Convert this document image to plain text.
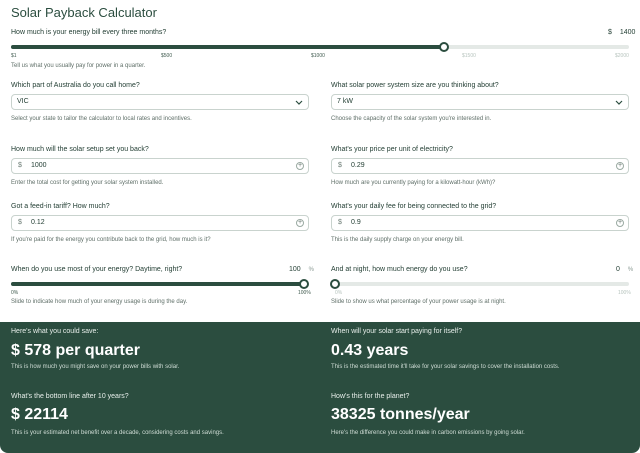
Solar Payback Calculator
How much is your energy bill every three months?	$ 1400
$1	$500	$1000	$1500	$2000
Tell us what you usually pay for power in a quarter.
Which part of Australia do you call home?
VIC
Select your state to tailor the calculator to local rates and incentives.
What solar power system size are you thinking about?
7 kW
Choose the capacity of the solar system you're interested in.
How much will the solar setup set you back?
$ 1000	+
Enter the total cost for getting your solar system installed.
What's your price per unit of electricity?
$ 0.29	+
How much are you currently paying for a kilowatt-hour (kWh)?
Got a feed-in tariff? How much?
$ 0.12	+
If you're paid for the energy you contribute back to the grid, how much is it?
What's your daily fee for being connected to the grid?
$ 0.9	+
This is the daily supply charge on your energy bill.
When do you use most of your energy? Daytime, right?	100 %
0%	100%
Slide to indicate how much of your energy usage is during the day.
And at night, how much energy do you use?	0 %
0%	100%
Slide to show us what percentage of your power usage is at night.
Here's what you could save:
$ 578 per quarter
This is how much you might save on your power bills with solar.
When will your solar start paying for itself?
0.43 years
This is the estimated time it'll take for your solar savings to cover the installation costs.
What's the bottom line after 10 years?
$ 22114
This is your estimated net benefit over a decade, considering costs and savings.
How's this for the planet?
38325 tonnes/year
Here's the difference you could make in carbon emissions by going solar.
